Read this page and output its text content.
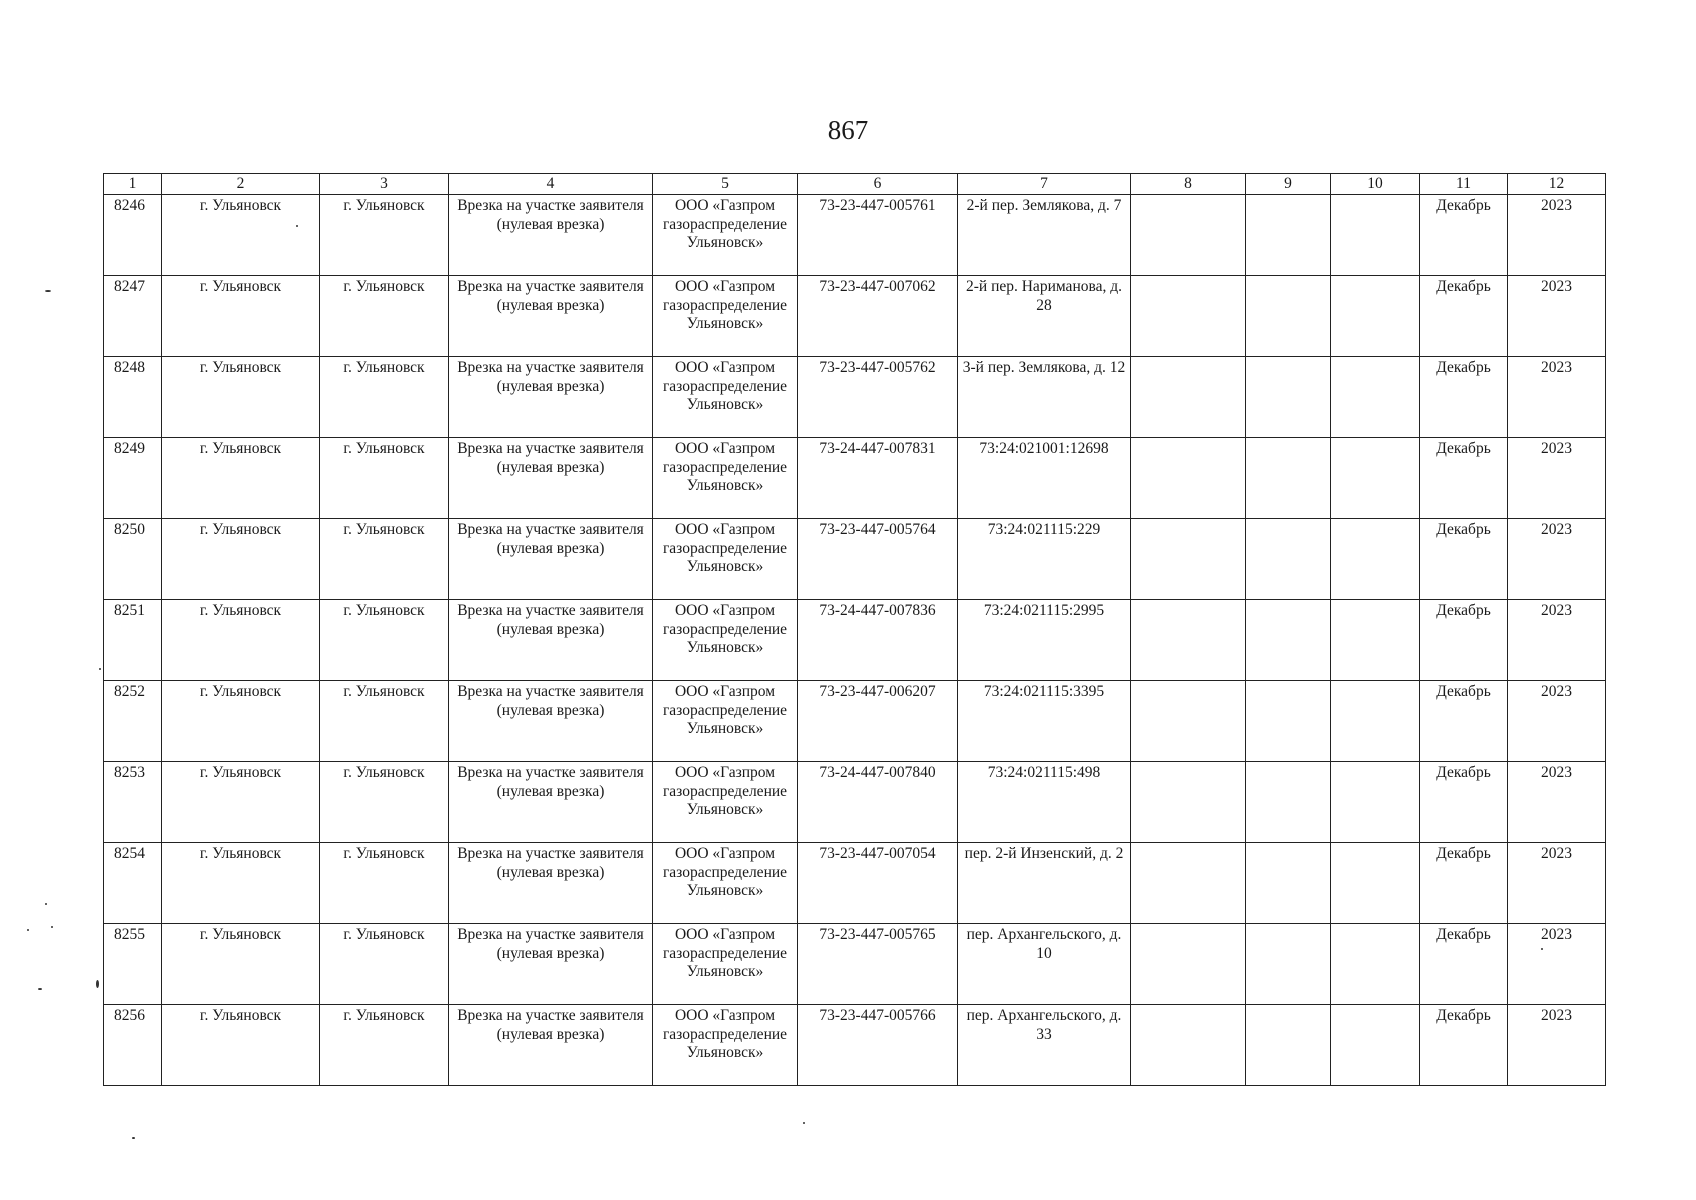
867
1	2	3	4	5	6	7	8	9	10	11	12
8246	г. Ульяновск	г. Ульяновск	Врезка на участке заявителя (нулевая врезка)	ООО «Газпром газораспределение Ульяновск»	73-23-447-005761	2-й пер. Землякова, д. 7				Декабрь	2023
8247	г. Ульяновск	г. Ульяновск	Врезка на участке заявителя (нулевая врезка)	ООО «Газпром газораспределение Ульяновск»	73-23-447-007062	2-й пер. Нариманова, д. 28				Декабрь	2023
8248	г. Ульяновск	г. Ульяновск	Врезка на участке заявителя (нулевая врезка)	ООО «Газпром газораспределение Ульяновск»	73-23-447-005762	3-й пер. Землякова, д. 12				Декабрь	2023
8249	г. Ульяновск	г. Ульяновск	Врезка на участке заявителя (нулевая врезка)	ООО «Газпром газораспределение Ульяновск»	73-24-447-007831	73:24:021001:12698				Декабрь	2023
8250	г. Ульяновск	г. Ульяновск	Врезка на участке заявителя (нулевая врезка)	ООО «Газпром газораспределение Ульяновск»	73-23-447-005764	73:24:021115:229				Декабрь	2023
8251	г. Ульяновск	г. Ульяновск	Врезка на участке заявителя (нулевая врезка)	ООО «Газпром газораспределение Ульяновск»	73-24-447-007836	73:24:021115:2995				Декабрь	2023
8252	г. Ульяновск	г. Ульяновск	Врезка на участке заявителя (нулевая врезка)	ООО «Газпром газораспределение Ульяновск»	73-23-447-006207	73:24:021115:3395				Декабрь	2023
8253	г. Ульяновск	г. Ульяновск	Врезка на участке заявителя (нулевая врезка)	ООО «Газпром газораспределение Ульяновск»	73-24-447-007840	73:24:021115:498				Декабрь	2023
8254	г. Ульяновск	г. Ульяновск	Врезка на участке заявителя (нулевая врезка)	ООО «Газпром газораспределение Ульяновск»	73-23-447-007054	пер. 2-й Инзенский, д. 2				Декабрь	2023
8255	г. Ульяновск	г. Ульяновск	Врезка на участке заявителя (нулевая врезка)	ООО «Газпром газораспределение Ульяновск»	73-23-447-005765	пер. Архангельского, д. 10				Декабрь	2023
8256	г. Ульяновск	г. Ульяновск	Врезка на участке заявителя (нулевая врезка)	ООО «Газпром газораспределение Ульяновск»	73-23-447-005766	пер. Архангельского, д. 33				Декабрь	2023
